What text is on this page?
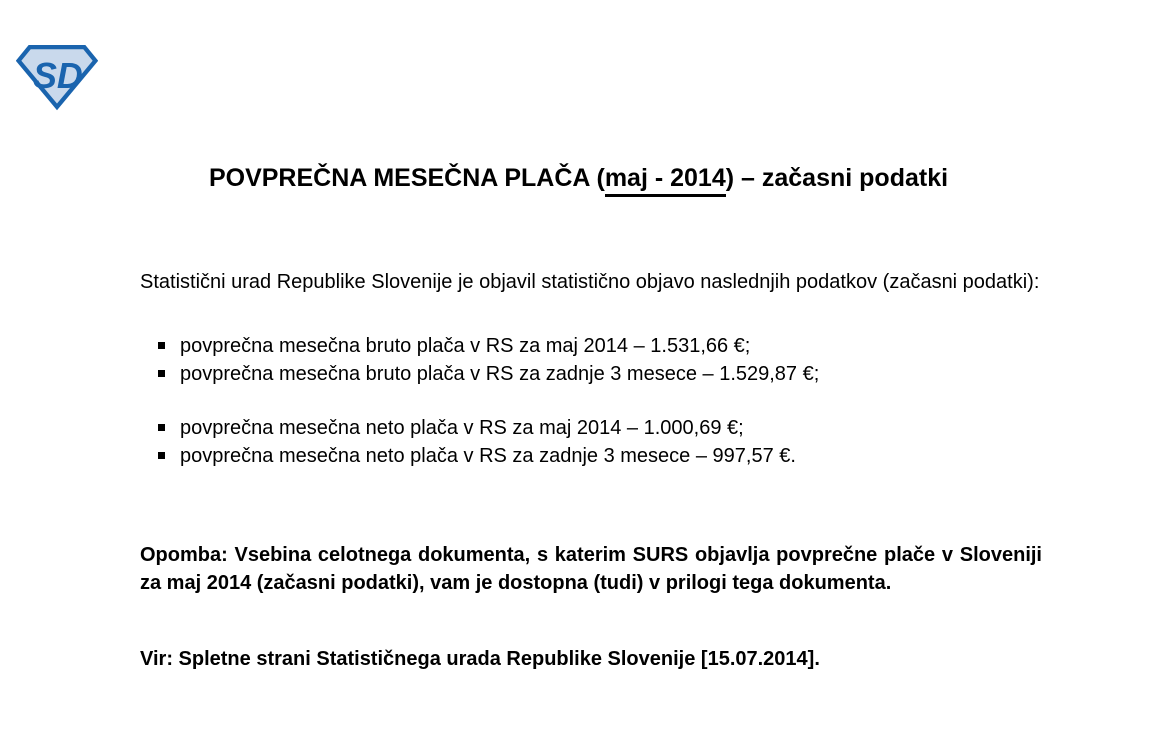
SD
POVPREČNA MESEČNA PLAČA (maj - 2014) – začasni podatki

Statistični urad Republike Slovenije je objavil statistično objavo naslednjih podatkov (začasni podatki):

povprečna mesečna bruto plača v RS za maj 2014 – 1.531,66 €;
povprečna mesečna bruto plača v RS za zadnje 3 mesece – 1.529,87 €;
povprečna mesečna neto plača v RS za maj 2014 – 1.000,69 €;
povprečna mesečna neto plača v RS za zadnje 3 mesece – 997,57 €.

Opomba: Vsebina celotnega dokumenta, s katerim SURS objavlja povprečne plače v Sloveniji za maj 2014 (začasni podatki), vam je dostopna (tudi) v prilogi tega dokumenta.

Vir: Spletne strani Statističnega urada Republike Slovenije [15.07.2014].
